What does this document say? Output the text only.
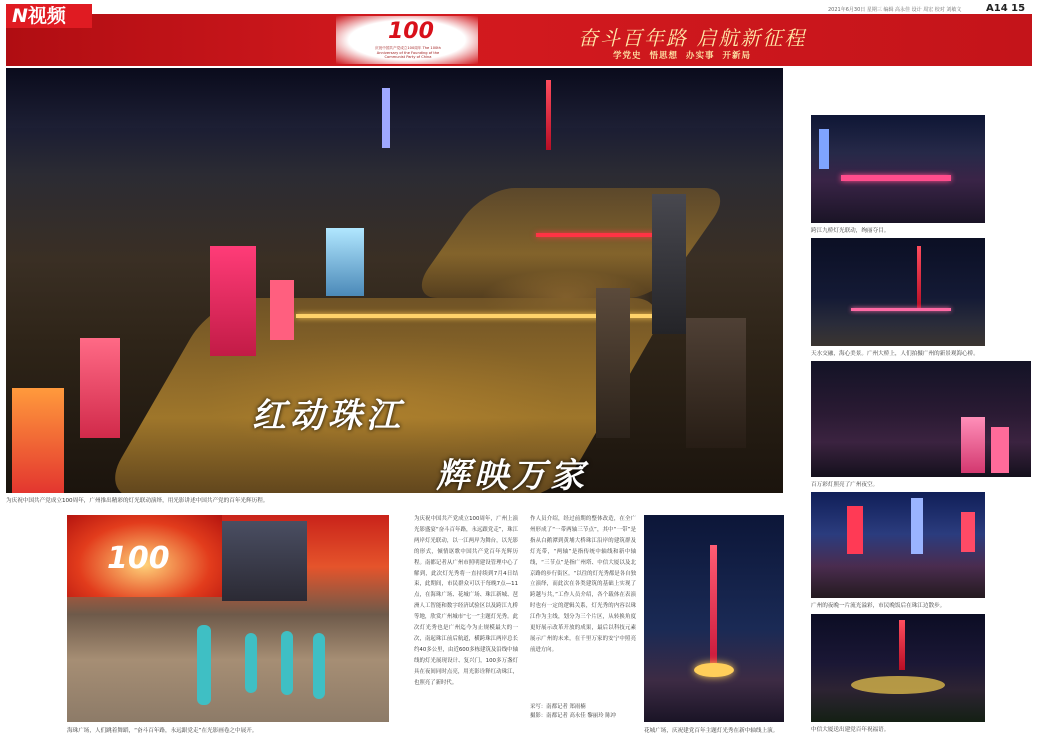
2021年6月30日 星期三 编辑 高永佳 设计 周宏 校对 刘敏文 A14 15
N视频
100
庆祝中国共产党成立100周年 The 100th Anniversary of the Founding of the Communist Party of China
奋斗百年路 启航新征程
学党史 悟思想 办实事 开新局
红动珠江
辉映万家
为庆祝中国共产党成立100周年，广州推出精彩的灯光联动演绎，用光影讲述中国共产党的百年光辉历程。
跨江九桥灯光联动，绚丽夺目。
天水交融，海心美景。广州大桥上，人们拍摄广州的新景观海心桥。
百万彩灯照亮了广州夜空。
广州的夜晚一片流光溢彩，市民晚饭后在珠江边散步。
中信大厦送出建党百年祝福语。
100
海珠广场，人们跳着舞蹈，“奋斗百年路，永远跟党走”在光影画卷之中展开。
为庆祝中国共产党成立100周年，广州上演光影盛宴“奋斗百年路，永远跟党走”，珠江两岸灯光联动，以一江两岸为舞台，以光影的形式，倾情讴歌中国共产党百年光辉历程。南都记者从广州市照明建设管理中心了解到，此次灯光秀将一直持续到7月4日结束，此期间，市民群众可以于每晚7点—11点，在海珠广场、花城广场、珠江新城、琶洲人工智能和数字经济试验区以及跨江九桥等地，欣赏广州城市“七一”主题灯光秀。此次灯光秀也是广州迄今为止规模最大的一次，南起珠江前后航道，横跨珠江两岸总长约40多公里，由近600多栋建筑及沿线中轴线的灯光展现设计、复兴门，100多万盏灯具在夜间同时点亮，用光影诠释红动珠江，也照亮了新时代。
作人员介绍，经过前期的整体改造，在全广州形成了“一带两轴三节点”，其中“一带”是指从白鹅潭到黄埔大桥珠江沿岸的建筑群及灯光带，“两轴”是指传统中轴线和新中轴线，“三节点”是指广州塔、中信大厦以及北京路的步行街区。“以往的灯光秀都是各自独立演绎，而此次在各类建筑的基础上实现了跨越与共，”工作人员介绍，各个载体在表演时也有一定的逻辑关系，灯光秀的内容以珠江作为主线，划分为三个片区，从转换角度更好展示改革开放的成果，最后以科技元素展示广州的未来，在千里万家的安宁中照亮前进方向。
采写：南都记者 郑雨楠
摄影：南都记者 高永佳 黎丽玲 陈冲
花城广场，庆祝建党百年主题灯光秀在新中轴线上演。
